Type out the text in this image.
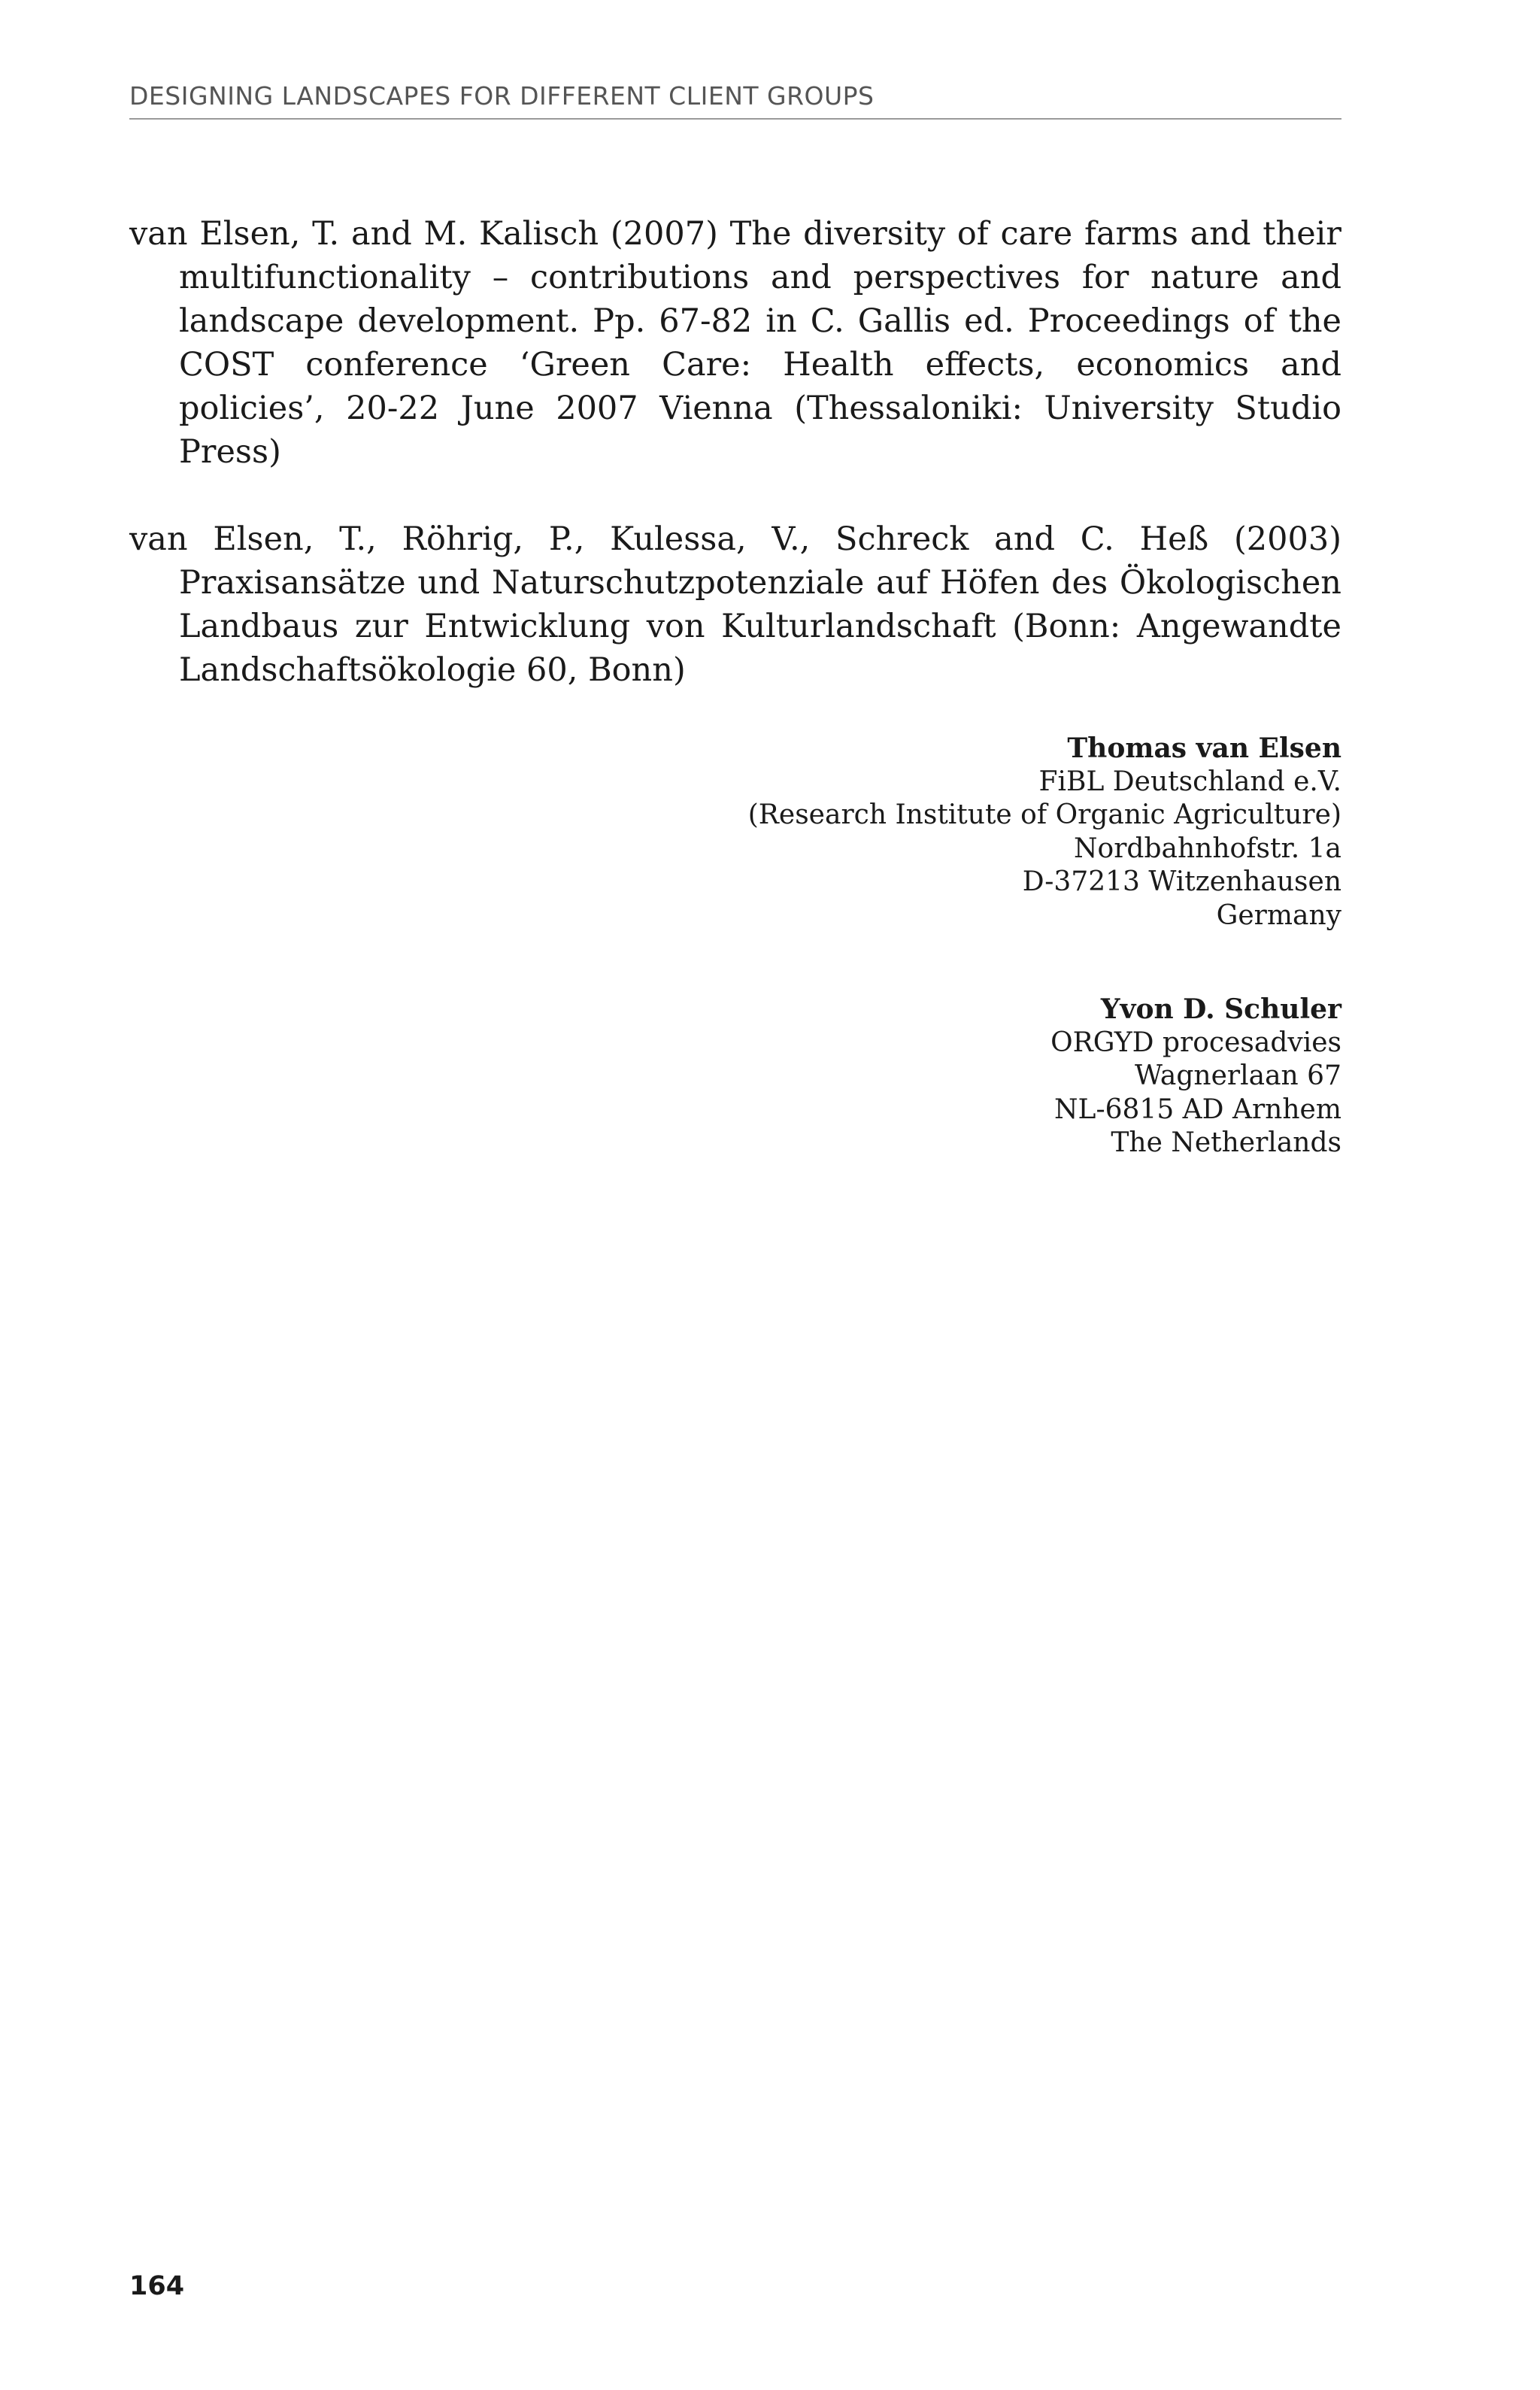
DESIGNING LANDSCAPES FOR DIFFERENT CLIENT GROUPS

van Elsen, T. and M. Kalisch (2007) The diversity of care farms and their multifunctionality – contributions and perspectives for nature and landscape development. Pp. 67-82 in C. Gallis ed. Proceedings of the COST conference ‘Green Care: Health effects, economics and policies’, 20-22 June 2007 Vienna (Thessaloniki: University Studio Press)

van Elsen, T., Röhrig, P., Kulessa, V., Schreck and C. Heß (2003) Praxisansätze und Naturschutzpotenziale auf Höfen des Ökologischen Landbaus zur Entwicklung von Kulturlandschaft (Bonn: Angewandte Landschaftsökologie 60, Bonn)

Thomas van Elsen
FiBL Deutschland e.V.
(Research Institute of Organic Agriculture)
Nordbahnhofstr. 1a
D-37213 Witzenhausen
Germany
Yvon D. Schuler
ORGYD procesadvies
Wagnerlaan 67
NL-6815 AD Arnhem
The Netherlands
164
